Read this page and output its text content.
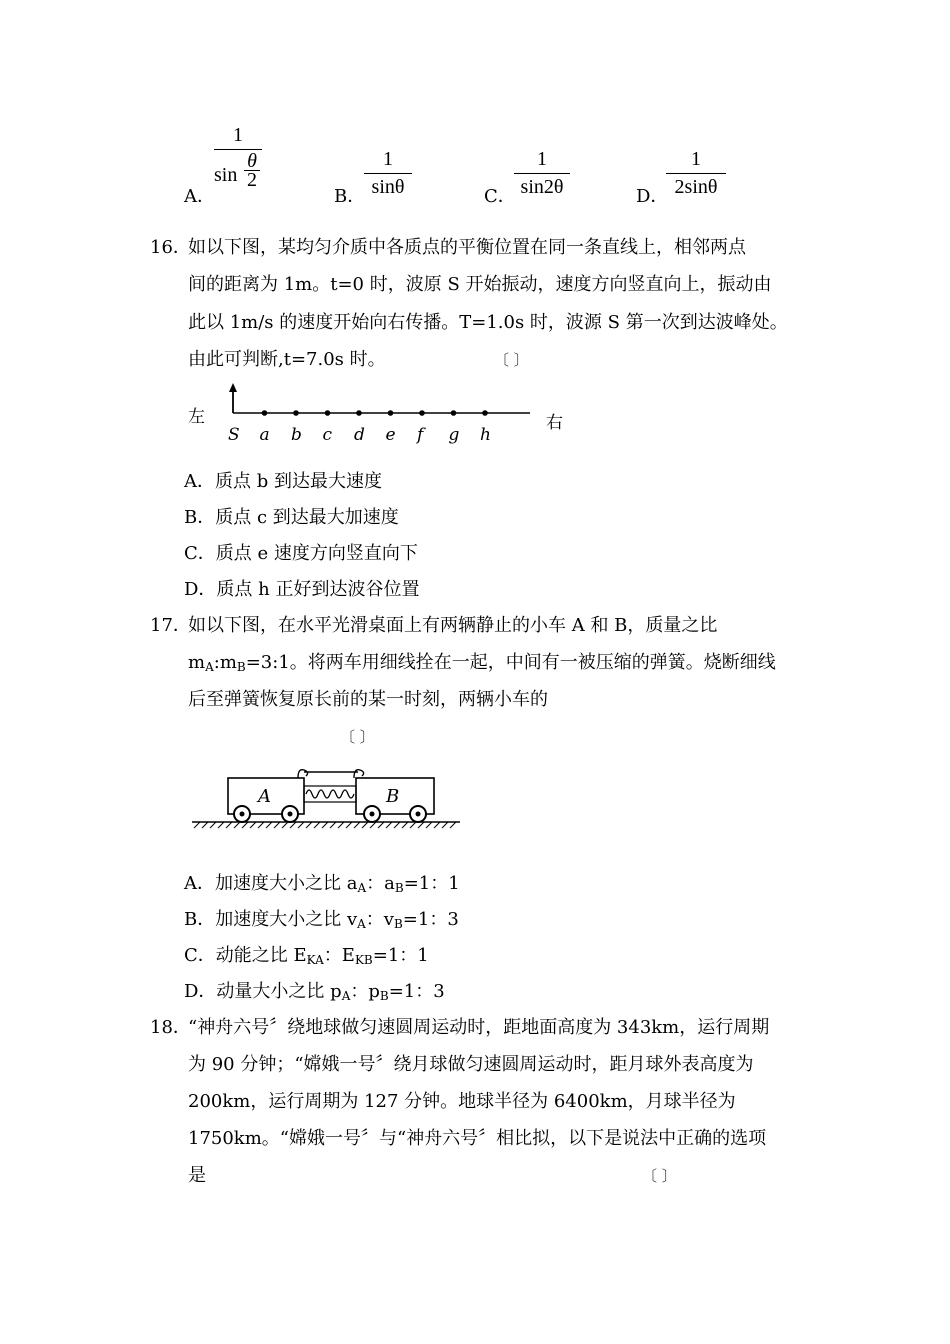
A．
1
sin
θ
2
B．
1
sinθ	C．
1
sin2θ	D．
1
2sinθ
16．
如以下图，某均匀介质中各质点的平衡位置在同一条直线上，相邻两点
间的距离为 1m。t=0 时，波原 S 开始振动，速度方向竖直向上，振动由
此以 1m/s 的速度开始向右传播。T=1.0s 时，波源 S 第一次到达波峰处。
由此可判断,t=7.0s 时。	〔 〕
左	右
S a b c d e f g h
A．质点 b 到达最大速度
B．质点 c 到达最大加速度
C．质点 e 速度方向竖直向下
D．质点 h 正好到达波谷位置
17．
如以下图，在水平光滑桌面上有两辆静止的小车 A 和 B，质量之比
$m_A:m_B=3:1$。将两车用细线拴在一起，中间有一被压缩的弹簧。烧断细线
后至弹簧恢复原长前的某一时刻，两辆小车的
〔 〕
A	B
A．加速度大小之比 $a_A$：$a_B=1$：1
B．加速度大小之比 $v_A$：$v_B=1$：3
C．动能之比 $E_{KA}$：$E_{KB}=1$：1
D．动量大小之比 $p_A$：$p_B=1$：3
18．
“神舟六号〞绕地球做匀速圆周运动时，距地面高度为 343km，运行周期
为 90 分钟；“嫦娥一号〞绕月球做匀速圆周运动时，距月球外表高度为
200km，运行周期为 127 分钟。地球半径为 6400km，月球半径为
1750km。“嫦娥一号〞与“神舟六号〞相比拟，以下是说法中正确的选项
是	〔 〕
